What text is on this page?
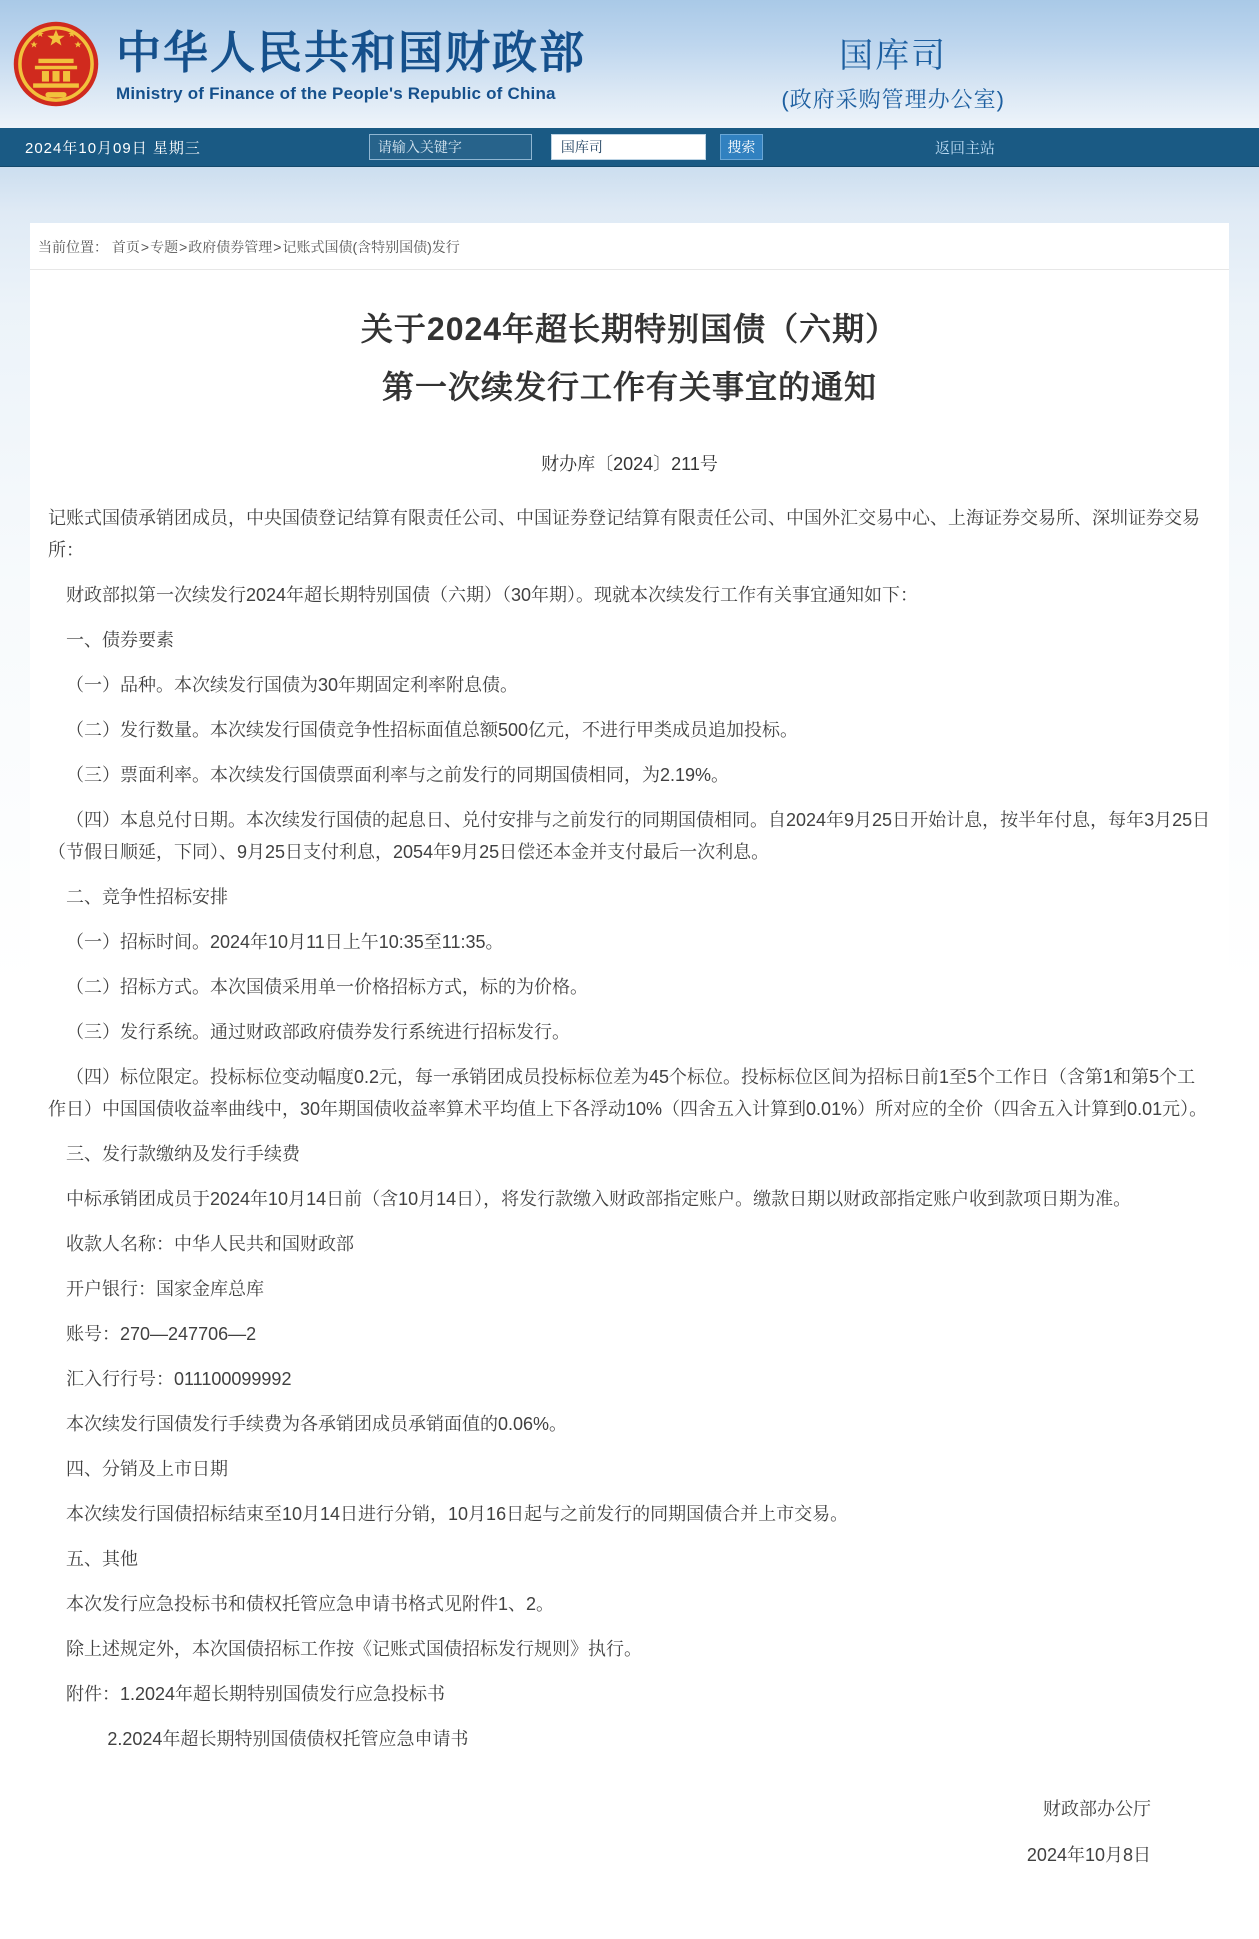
中华人民共和国财政部
Ministry of Finance of the People's Republic of China
国库司
(政府采购管理办公室)
2024年10月09日 星期三
请输入关键字	国库司	搜索	返回主站
当前位置： 首页>专题>政府债券管理>记账式国债(含特别国债)发行
关于2024年超长期特别国债（六期）
第一次续发行工作有关事宜的通知
财办库〔2024〕211号

记账式国债承销团成员，中央国债登记结算有限责任公司、中国证券登记结算有限责任公司、中国外汇交易中心、上海证券交易所、深圳证券交易所：

财政部拟第一次续发行2024年超长期特别国债（六期）（30年期）。现就本次续发行工作有关事宜通知如下：

一、债券要素

（一）品种。本次续发行国债为30年期固定利率附息债。

（二）发行数量。本次续发行国债竞争性招标面值总额500亿元，不进行甲类成员追加投标。

（三）票面利率。本次续发行国债票面利率与之前发行的同期国债相同，为2.19%。

（四）本息兑付日期。本次续发行国债的起息日、兑付安排与之前发行的同期国债相同。自2024年9月25日开始计息，按半年付息，每年3月25日（节假日顺延，下同）、9月25日支付利息，2054年9月25日偿还本金并支付最后一次利息。

二、竞争性招标安排

（一）招标时间。2024年10月11日上午10:35至11:35。

（二）招标方式。本次国债采用单一价格招标方式，标的为价格。

（三）发行系统。通过财政部政府债券发行系统进行招标发行。

（四）标位限定。投标标位变动幅度0.2元，每一承销团成员投标标位差为45个标位。投标标位区间为招标日前1至5个工作日（含第1和第5个工作日）中国国债收益率曲线中，30年期国债收益率算术平均值上下各浮动10%（四舍五入计算到0.01%）所对应的全价（四舍五入计算到0.01元）。

三、发行款缴纳及发行手续费

中标承销团成员于2024年10月14日前（含10月14日），将发行款缴入财政部指定账户。缴款日期以财政部指定账户收到款项日期为准。

收款人名称：中华人民共和国财政部

开户银行：国家金库总库

账号：270—247706—2

汇入行行号：011100099992

本次续发行国债发行手续费为各承销团成员承销面值的0.06%。

四、分销及上市日期

本次续发行国债招标结束至10月14日进行分销，10月16日起与之前发行的同期国债合并上市交易。

五、其他

本次发行应急投标书和债权托管应急申请书格式见附件1、2。

除上述规定外，本次国债招标工作按《记账式国债招标发行规则》执行。

附件：1.2024年超长期特别国债发行应急投标书

2.2024年超长期特别国债债权托管应急申请书

财政部办公厅
2024年10月8日
